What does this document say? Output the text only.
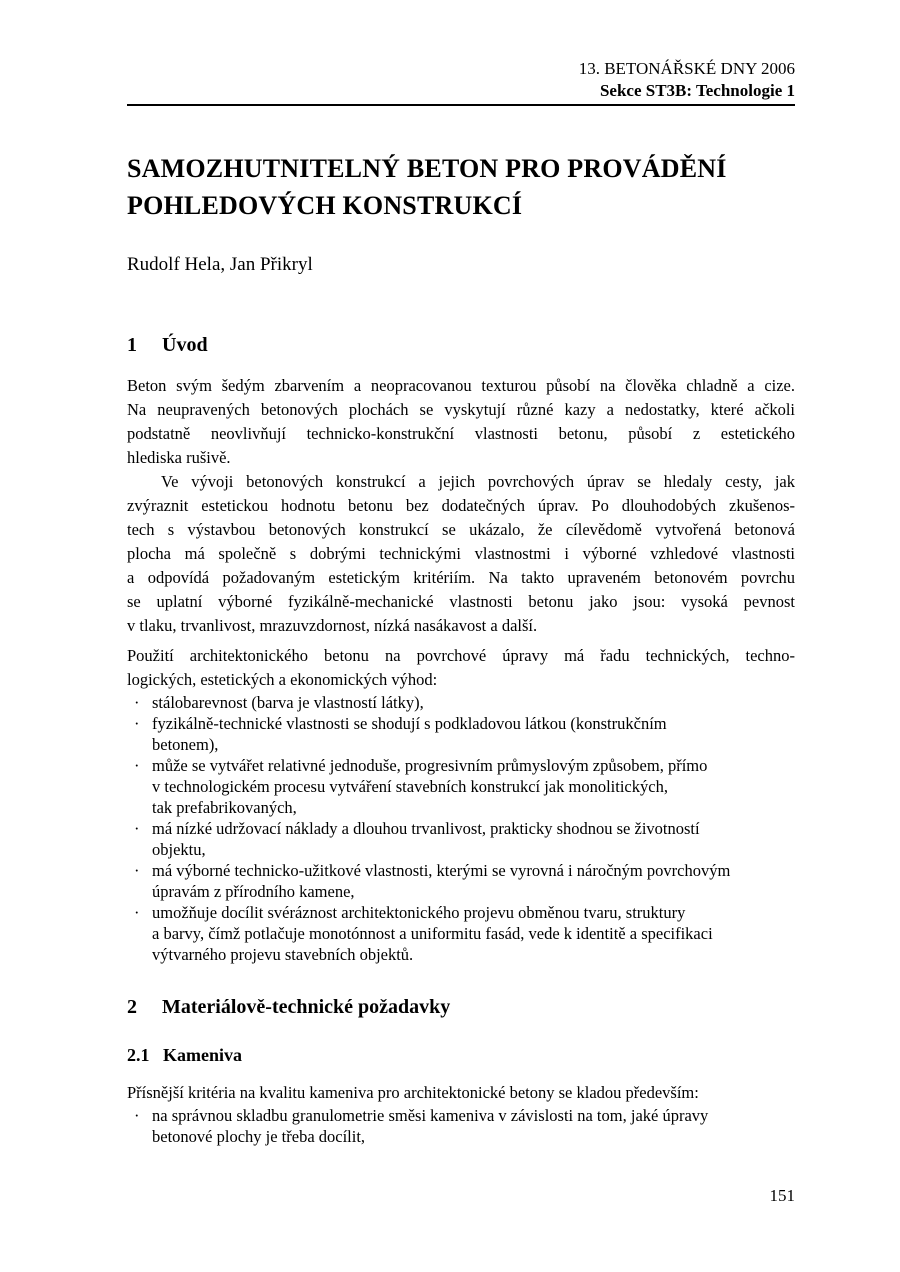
13. BETONÁŘSKÉ DNY 2006
Sekce ST3B: Technologie 1
SAMOZHUTNITELNÝ BETON PRO PROVÁDĚNÍ
POHLEDOVÝCH KONSTRUKCÍ
Rudolf Hela, Jan Přikryl
1	Úvod
Beton svým šedým zbarvením a neopracovanou texturou působí na člověka chladně a cize.
Na neupravených betonových plochách se vyskytují různé kazy a nedostatky, které ačkoli
podstatně neovlivňují technicko-konstrukční vlastnosti betonu, působí z estetického
hlediska rušivě.
Ve vývoji betonových konstrukcí a jejich povrchových úprav se hledaly cesty, jak
zvýraznit estetickou hodnotu betonu bez dodatečných úprav. Po dlouhodobých zkušenos-
tech s výstavbou betonových konstrukcí se ukázalo, že cílevědomě vytvořená betonová
plocha má společně s dobrými technickými vlastnostmi i výborné vzhledové vlastnosti
a odpovídá požadovaným estetickým kritériím. Na takto upraveném betonovém povrchu
se uplatní výborné fyzikálně-mechanické vlastnosti betonu jako jsou: vysoká pevnost
v tlaku, trvanlivost, mrazuvzdornost, nízká nasákavost a další.
Použití architektonického betonu na povrchové úpravy má řadu technických, techno-
logických, estetických a ekonomických výhod:
· stálobarevnost (barva je vlastností látky),
· fyzikálně-technické vlastnosti se shodují s podkladovou látkou (konstrukčním
betonem),
· může se vytvářet relativné jednoduše, progresivním průmyslovým způsobem, přímo
v technologickém procesu vytváření stavebních konstrukcí jak monolitických,
tak prefabrikovaných,
· má nízké udržovací náklady a dlouhou trvanlivost, prakticky shodnou se životností
objektu,
· má výborné technicko-užitkové vlastnosti, kterými se vyrovná i náročným povrchovým
úpravám z přírodního kamene,
· umožňuje docílit svéráznost architektonického projevu obměnou tvaru, struktury
a barvy, čímž potlačuje monotónnost a uniformitu fasád, vede k identitě a specifikaci
výtvarného projevu stavebních objektů.
2	Materiálově-technické požadavky
2.1 Kameniva
Přísnější kritéria na kvalitu kameniva pro architektonické betony se kladou především:
· na správnou skladbu granulometrie směsi kameniva v závislosti na tom, jaké úpravy
betonové plochy je třeba docílit,
151
